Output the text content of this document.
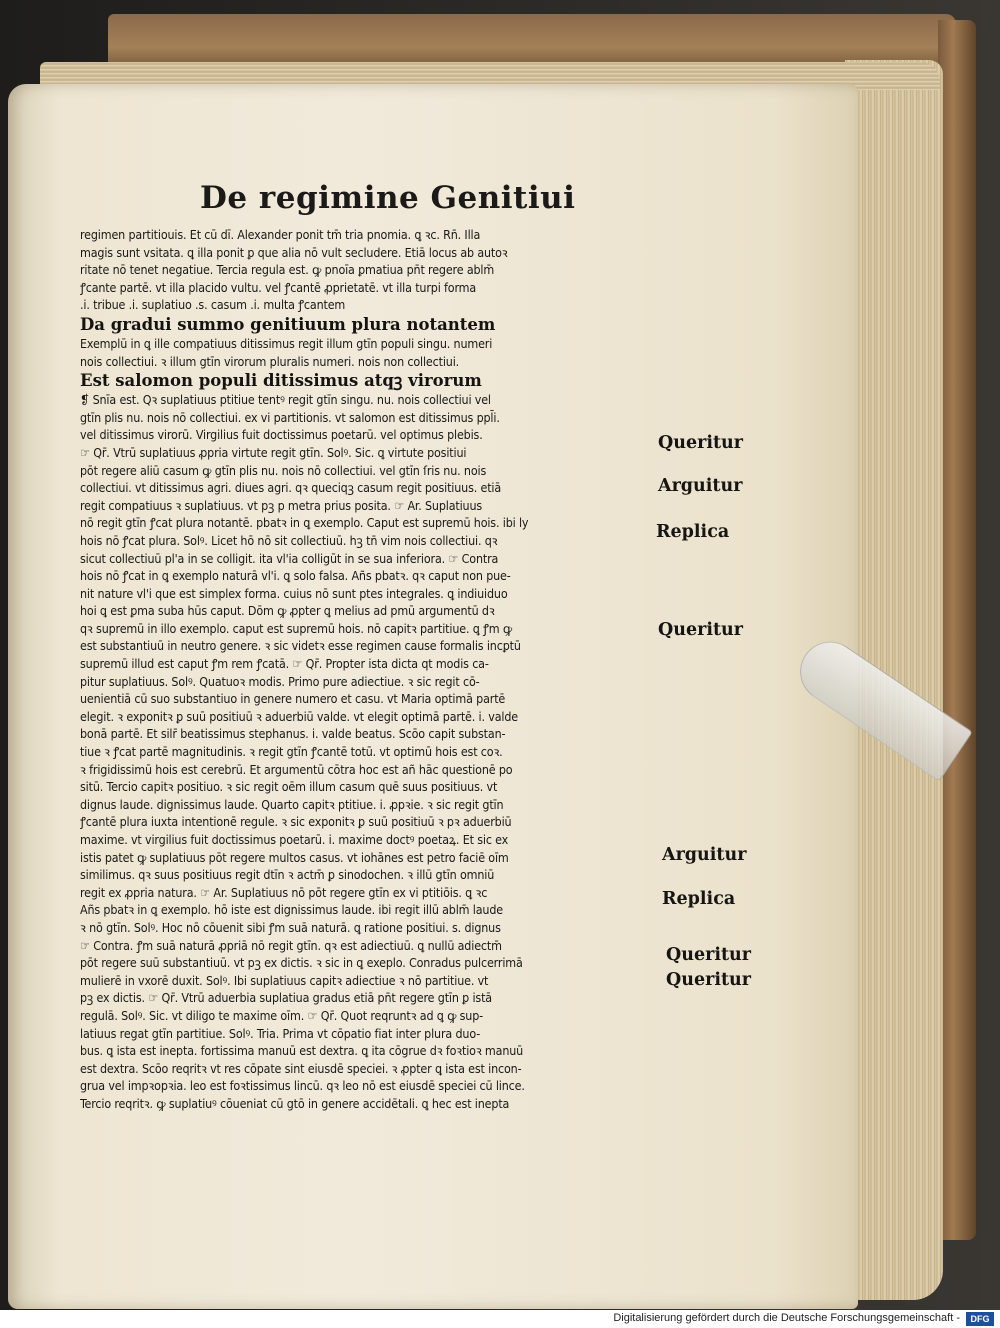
De regimine Genitiui
regimen partitiouis. Et cū dī. Alexander ponit tm̄ tria pnomia. ꝗ ꝛc. Rn̄. Illa
magis sunt vsitata. ꝗ illa ponit ꝑ que alia nō vult secludere. Etiā locus ab autoꝛ
ritate nō tenet negatiue. Tercia regula est. ꝙ pnoīa ꝑmatiua pn̄t regere ablm̄
ꝭcante partē. vt illa placido vultu. vel ꝭcantē ꝓprietatē. vt illa turpi forma
.i. tribue .i. suplatiuo .s. casum .i. multa ꝭcantem
Da gradui summo genitiuum plura notantem
Exemplū in ꝗ ille compatiuus ditissimus regit illum gtīn populi singu. numeri
nois collectiui. ꝛ illum gtīn virorum pluralis numeri. nois non collectiui.
Est salomon populi ditissimus atqꝫ virorum
❡ Snīa est. Qꝛ suplatiuus ptitiue tentꝰ regit gtīn singu. nu. nois collectiui vel
gtīn plis nu. nois nō collectiui. ex vi partitionis. vt salomon est ditissimus ppl̄i.
vel ditissimus virorū. Virgilius fuit doctissimus poetarū. vel optimus plebis.
☞ Qr̄. Vtrū suplatiuus ꝓpria virtute regit gtīn. Solꝰ. Sic. ꝗ virtute positiui
pōt regere aliū casum ꝙ gtīn plis nu. nois nō collectiui. vel gtīn ſris nu. nois
collectiui. vt ditissimus agri. diues agri. qꝛ queciqꝫ casum regit positiuus. etiā
regit compatiuus ꝛ suplatiuus. vt pꝫ p metra prius posita. ☞ Ar. Suplatiuus
nō regit gtīn ꝭcat plura notantē. pbatꝛ in ꝗ exemplo. Caput est supremū hois. ibi ly
hois nō ꝭcat plura. Solꝰ. Licet hō nō sit collectiuū. hꝫ tn̄ vim nois collectiui. qꝛ
sicut collectiuū pl'a in se colligit. ita vl'ia colligūt in se sua inferiora. ☞ Contra
hois nō ꝭcat in ꝗ exemplo naturā vl'i. ꝗ solo falsa. Añs pbatꝛ. qꝛ caput non pue-
nit nature vl'i que est simplex forma. cuius nō sunt ptes integrales. ꝗ indiuiduo
hoi ꝗ est ꝑma suba hūs caput. Dōm ꝙ ꝓpter ꝗ melius ad pmū argumentū dꝛ
qꝛ supremū in illo exemplo. caput est supremū hois. nō capitꝛ partitiue. ꝗ ꝭm ꝙ
est substantiuū in neutro genere. ꝛ sic videtꝛ esse regimen cause formalis incꝑtū
supremū illud est caput ꝭm rem ꝭcatā. ☞ Qr̄. Propter ista dicta qt modis ca-
pitur suplatiuus. Solꝰ. Quatuoꝛ modis. Primo pure adiectiue. ꝛ sic regit cō-
uenientiā cū suo substantiuo in genere numero et casu. vt Maria optimā partē
elegit. ꝛ exponitꝛ ꝑ suū positiuū ꝛ aduerbiū valde. vt elegit optimā partē. i. valde
bonā partē. Et silr̄ beatissimus stephanus. i. valde beatus. Scōo capit substan-
tiue ꝛ ꝭcat partē magnitudinis. ꝛ regit gtīn ꝭcantē totū. vt optimū hois est coꝛ.
ꝛ frigidissimū hois est cerebrū. Et argumentū cōtra hoc est añ hāc questionē po
sitū. Tercio capitꝛ positiuo. ꝛ sic regit oēm illum casum quē suus positiuus. vt
dignus laude. dignissimus laude. Quarto capitꝛ ptitiue. i. ꝓpꝛie. ꝛ sic regit gtīn
ꝭcantē plura iuxta intentionē regule. ꝛ sic exponitꝛ ꝑ suū positiuū ꝛ pꝛ aduerbiū
maxime. vt virgilius fuit doctissimus poetarū. i. maxime doctꝰ poetaꝝ. Et sic ex
istis patet ꝙ suplatiuus pōt regere multos casus. vt iohānes est petro faciē oīm
similimus. qꝛ suus positiuus regit dtīn ꝛ actm̄ ꝑ sinodochen. ꝛ illū gtīn omniū
regit ex ꝓpria natura. ☞ Ar. Suplatiuus nō pōt regere gtīn ex vi ptitiōis. ꝗ ꝛc
Añs pbatꝛ in ꝗ exemplo. hō iste est dignissimus laude. ibi regit illū ablm̄ laude
ꝛ nō gtīn. Solꝰ. Hoc nō cōuenit sibi ꝭm suā naturā. ꝗ ratione positiui. s. dignus
☞ Contra. ꝭm suā naturā ꝓpriā nō regit gtīn. qꝛ est adiectiuū. ꝗ nullū adiectm̄
pōt regere suū substantiuū. vt pꝫ ex dictis. ꝛ sic in ꝗ exeplo. Conradus pulcerrimā
mulierē in vxorē duxit. Solꝰ. Ibi suplatiuus capitꝛ adiectiue ꝛ nō partitiue. vt
pꝫ ex dictis. ☞ Qr̄. Vtrū aduerbia suplatiua gradus etiā pn̄t regere gtīn ꝑ istā
regulā. Solꝰ. Sic. vt diligo te maxime oīm. ☞ Qr̄. Quot reqruntꝛ ad ꝗ ꝙ sup-
latiuus regat gtīn partitiue. Solꝰ. Tria. Prima vt cōpatio fiat inter plura duo-
bus. ꝗ ista est inepta. fortissima manuū est dextra. ꝗ ita cōgrue dꝛ foꝛtioꝛ manuū
est dextra. Scōo reqritꝛ vt res cōpate sint eiusdē speciei. ꝛ ꝓpter ꝗ ista est incon-
grua vel impꝛopꝛia. leo est foꝛtissimus lincū. qꝛ leo nō est eiusdē speciei cū lince.
Tercio reqritꝛ. ꝙ suplatiuꝰ cōueniat cū gtō in genere accidētali. ꝗ hec est inepta
Queritur
Arguitur
Replica
Queritur
Arguitur
Replica
Queritur
Queritur
Digitalisierung gefördert durch die Deutsche Forschungsgemeinschaft -	DFG
